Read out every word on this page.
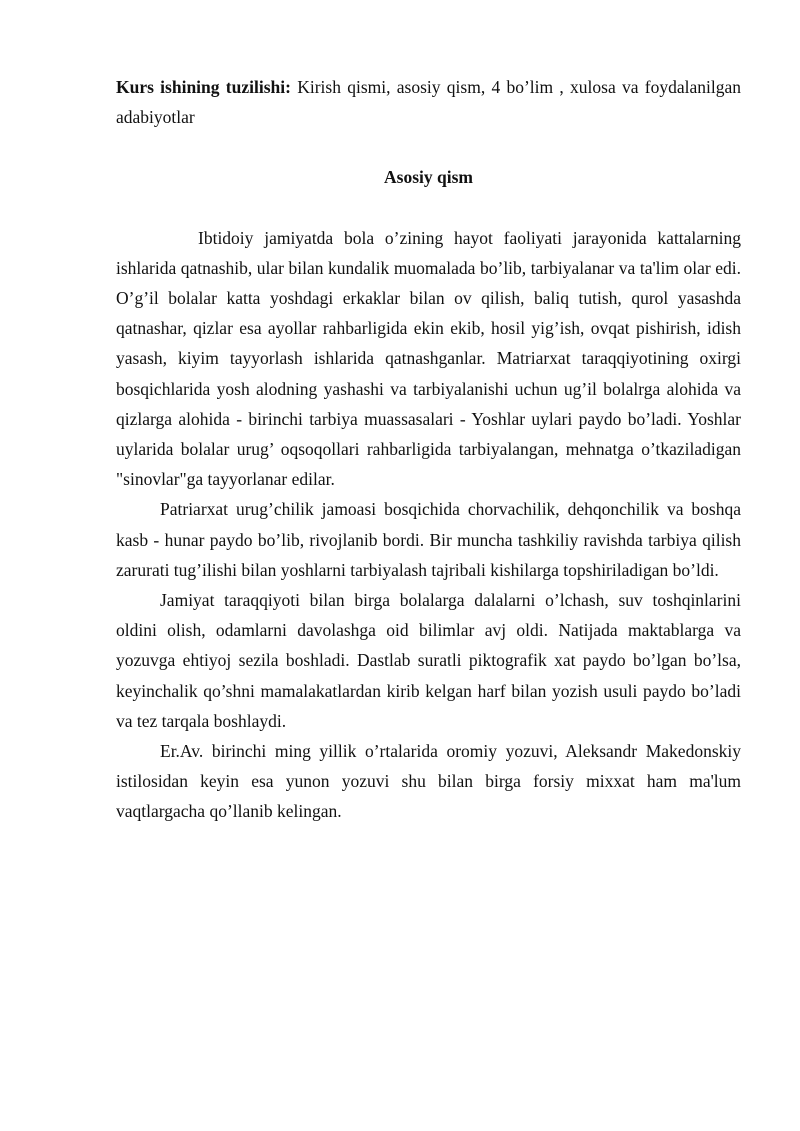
Kurs ishining tuzilishi: Kirish qismi, asosiy qism, 4 bo’lim , xulosa va foydalanilgan adabiyotlar

Asosiy qism

Ibtidoiy jamiyatda bola o’zining hayot faoliyati jarayonida kattalarning ishlarida qatnashib, ular bilan kundalik muomalada bo’lib, tarbiyalanar va ta'lim olar edi. O’g’il bolalar katta yoshdagi erkaklar bilan ov qilish, baliq tutish, qurol yasashda qatnashar, qizlar esa ayollar rahbarligida ekin ekib, hosil yig’ish, ovqat pishirish, idish yasash, kiyim tayyorlash ishlarida qatnashganlar. Matriarxat taraqqiyotining oxirgi bosqichlarida yosh alodning yashashi va tarbiyalanishi uchun ug’il bolalrga alohida va qizlarga alohida - birinchi tarbiya muassasalari - Yoshlar uylari paydo bo’ladi. Yoshlar uylarida bolalar urug’ oqsoqollari rahbarligida tarbiyalangan, mehnatga o’tkaziladigan "sinovlar"ga tayyorlanar edilar.

Patriarxat urug’chilik jamoasi bosqichida chorvachilik, dehqonchilik va boshqa kasb - hunar paydo bo’lib, rivojlanib bordi. Bir muncha tashkiliy ravishda tarbiya qilish zarurati tug’ilishi bilan yoshlarni tarbiyalash tajribali kishilarga topshiriladigan bo’ldi.

Jamiyat taraqqiyoti bilan birga bolalarga dalalarni o’lchash, suv toshqinlarini oldini olish, odamlarni davolashga oid bilimlar avj oldi. Natijada maktablarga va yozuvga ehtiyoj sezila boshladi. Dastlab suratli piktografik xat paydo bo’lgan bo’lsa, keyinchalik qo’shni mamalakatlardan kirib kelgan harf bilan yozish usuli paydo bo’ladi va tez tarqala boshlaydi.

Er.Av. birinchi ming yillik o’rtalarida oromiy yozuvi, Aleksandr Makedonskiy istilosidan keyin esa yunon yozuvi shu bilan birga forsiy mixxat ham ma'lum vaqtlargacha qo’llanib kelingan.
